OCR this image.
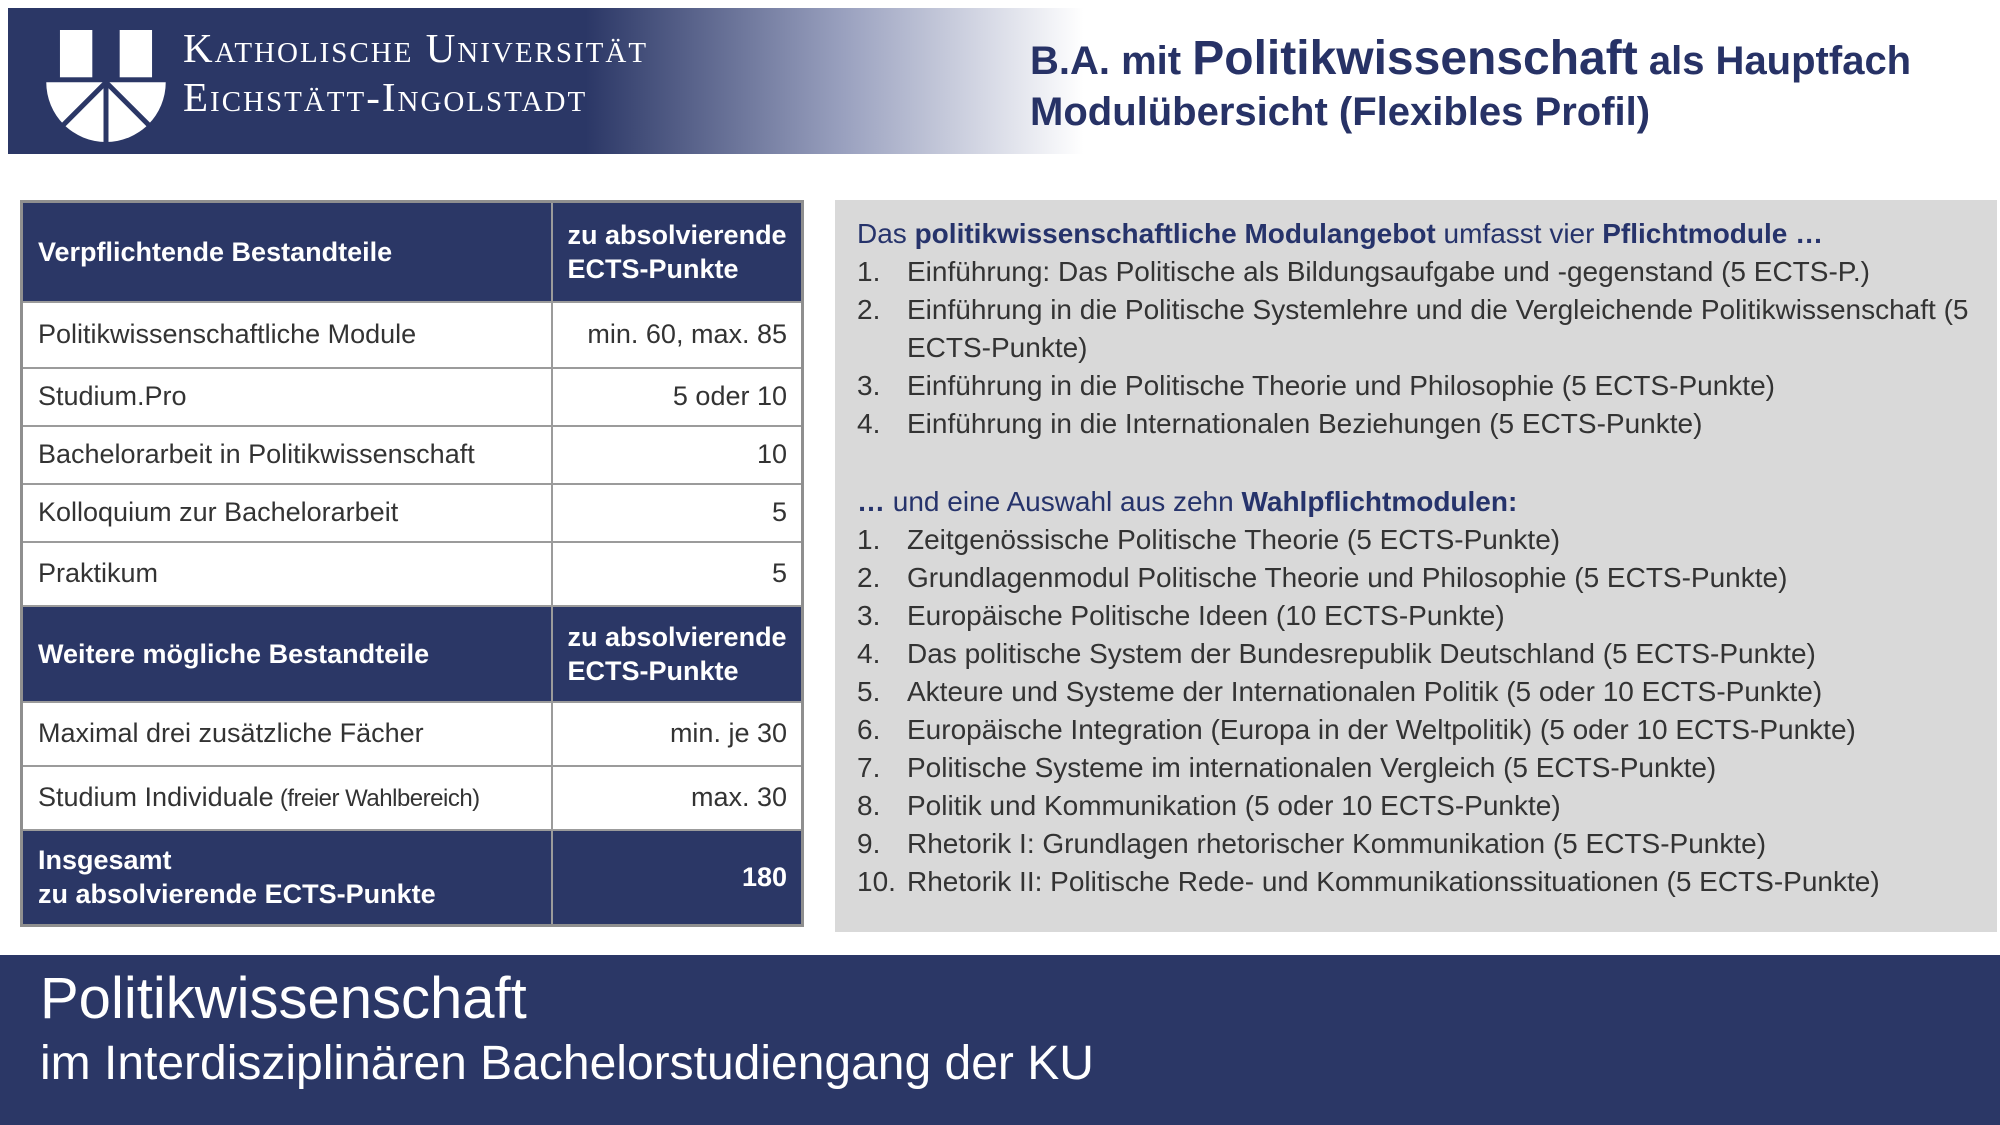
Katholische Universität
Eichstätt-Ingolstadt
B.A. mit Politikwissenschaft als Hauptfach
Modulübersicht (Flexibles Profil)
Verpflichtende Bestandteile	zu absolvierende ECTS-Punkte
Politikwissenschaftliche Module	min. 60, max. 85
Studium.Pro	5 oder 10
Bachelorarbeit in Politikwissenschaft	10
Kolloquium zur Bachelorarbeit	5
Praktikum	5
Weitere mögliche Bestandteile	zu absolvierende ECTS-Punkte
Maximal drei zusätzliche Fächer	min. je 30
Studium Individuale (freier Wahlbereich)	max. 30

Insgesamt
zu absolvierende ECTS-Punkte	180
Das politikwissenschaftliche Modulangebot umfasst vier Pflichtmodule …
1. Einführung: Das Politische als Bildungsaufgabe und -gegenstand (5 ECTS-P.)
2. Einführung in die Politische Systemlehre und die Vergleichende Politikwissenschaft (5 ECTS-Punkte)
3. Einführung in die Politische Theorie und Philosophie (5 ECTS-Punkte)
4. Einführung in die Internationalen Beziehungen (5 ECTS-Punkte)
… und eine Auswahl aus zehn Wahlpflichtmodulen:
1. Zeitgenössische Politische Theorie (5 ECTS-Punkte)
2. Grundlagenmodul Politische Theorie und Philosophie (5 ECTS-Punkte)
3. Europäische Politische Ideen (10 ECTS-Punkte)
4. Das politische System der Bundesrepublik Deutschland (5 ECTS-Punkte)
5. Akteure und Systeme der Internationalen Politik (5 oder 10 ECTS-Punkte)
6. Europäische Integration (Europa in der Weltpolitik) (5 oder 10 ECTS-Punkte)
7. Politische Systeme im internationalen Vergleich (5 ECTS-Punkte)
8. Politik und Kommunikation (5 oder 10 ECTS-Punkte)
9. Rhetorik I: Grundlagen rhetorischer Kommunikation (5 ECTS-Punkte)
10. Rhetorik II: Politische Rede- und Kommunikationssituationen (5 ECTS-Punkte)
Politikwissenschaft
im Interdisziplinären Bachelorstudiengang der KU
